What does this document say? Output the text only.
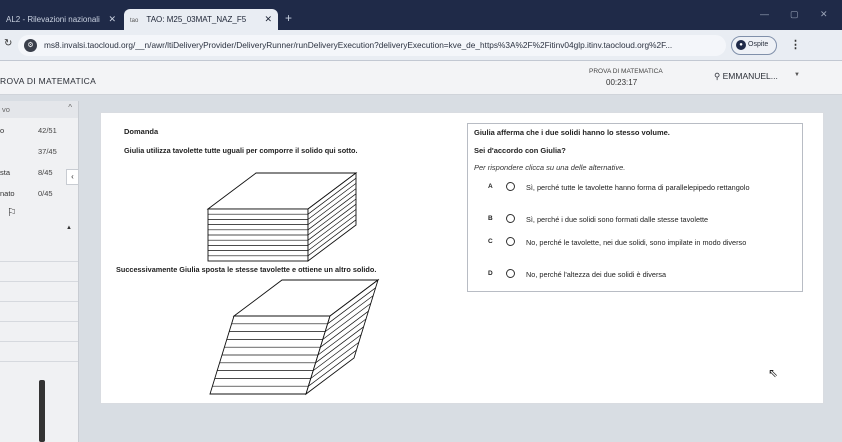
AL2 - Rilevazioni nazionali ✕	tao TAO: M25_03MAT_NAZ_F5 ✕ +	— ▢ ✕
↻	⚙	ms8.invalsi.taocloud.org/__n/awr/ltiDeliveryProvider/DeliveryRunner/runDeliveryExecution?deliveryExecution=kve_de_https%3A%2F%2Fitinv04glp.itinv.taocloud.org%2F...	● Ospite	⋮
ROVA DI MATEMATICA
PROVA DI MATEMATICA
00:23:17
⚲ EMMANUEL...	▼
vo	^
o	42/51
37/45
sta	8/45
nato	0/45
⚐
▲
‹
Domanda
Giulia utilizza tavolette tutte uguali per comporre il solido qui sotto.
Successivamente Giulia sposta le stesse tavolette e ottiene un altro solido.
Giulia afferma che i due solidi hanno lo stesso volume.
Sei d'accordo con Giulia?
Per rispondere clicca su una delle alternative.
A	Sì, perché tutte le tavolette hanno forma di parallelepipedo rettangolo
B	Sì, perché i due solidi sono formati dalle stesse tavolette
C	No, perché le tavolette, nei due solidi, sono impilate in modo diverso
D	No, perché l'altezza dei due solidi è diversa
⇖
